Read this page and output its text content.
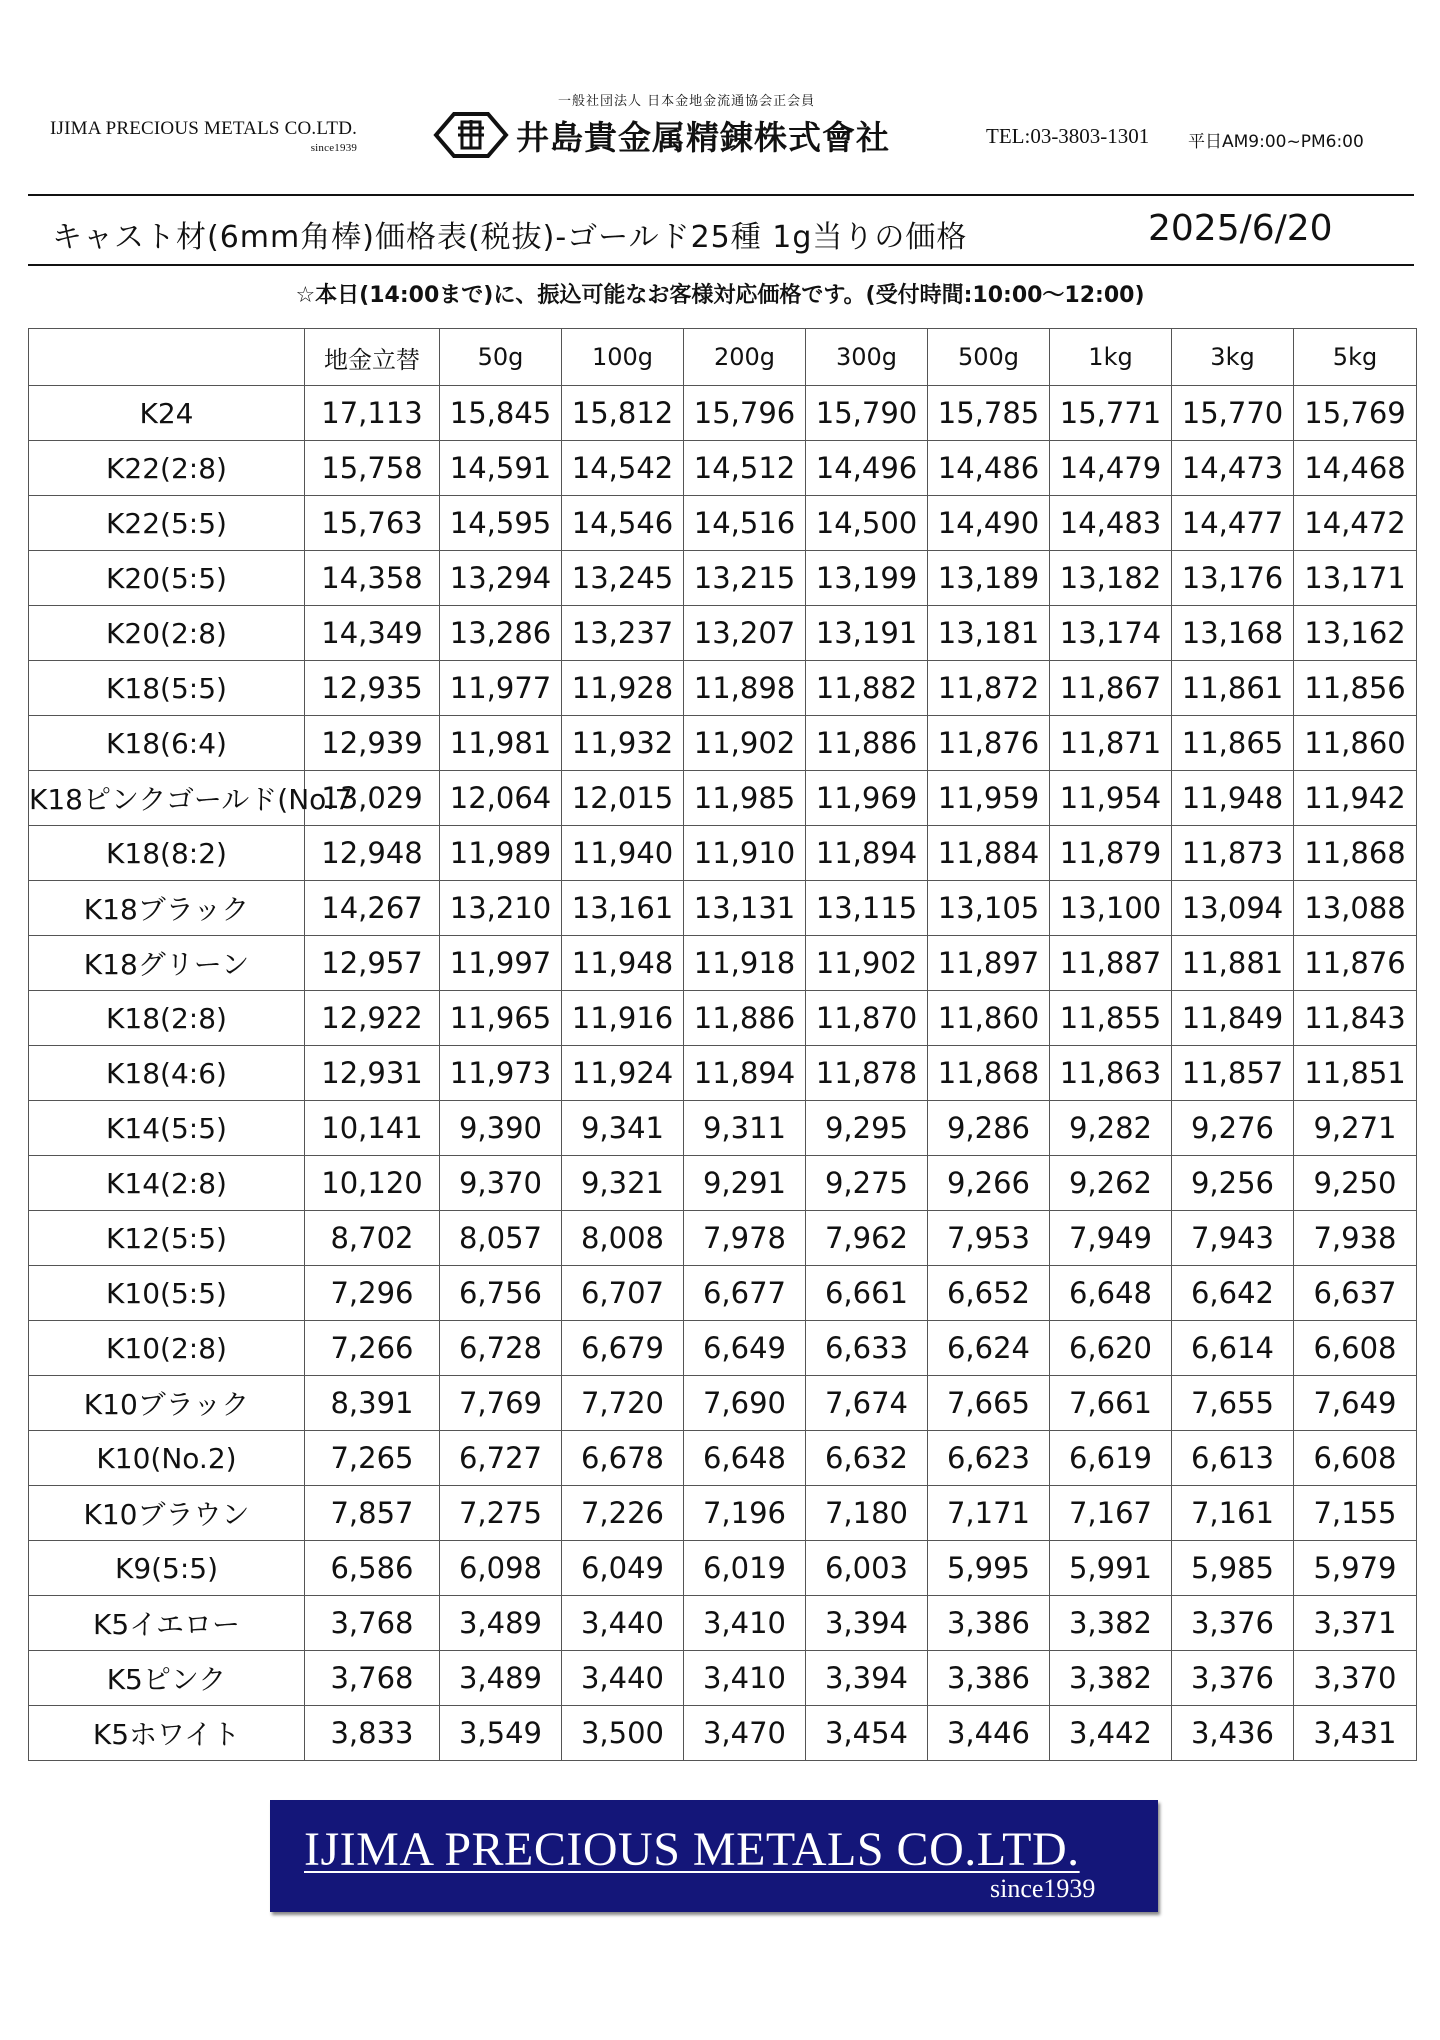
IJIMA PRECIOUS METALS CO.LTD.
since1939
一般社団法人 日本金地金流通協会正会員
井島貴金属精錬株式會社	TEL:03-3803-1301 平日AM9:00~PM6:00
キャスト材(6mm角棒)価格表(税抜)-ゴールド25種 1g当りの価格	2025/6/20
☆本日(14:00まで)に、振込可能なお客様対応価格です。(受付時間:10:00～12:00)
	地金立替	50g	100g	200g	300g	500g	1kg	3kg	5kg
K24	17,113	15,845	15,812	15,796	15,790	15,785	15,771	15,770	15,769
K22(2:8)	15,758	14,591	14,542	14,512	14,496	14,486	14,479	14,473	14,468
K22(5:5)	15,763	14,595	14,546	14,516	14,500	14,490	14,483	14,477	14,472
K20(5:5)	14,358	13,294	13,245	13,215	13,199	13,189	13,182	13,176	13,171
K20(2:8)	14,349	13,286	13,237	13,207	13,191	13,181	13,174	13,168	13,162
K18(5:5)	12,935	11,977	11,928	11,898	11,882	11,872	11,867	11,861	11,856
K18(6:4)	12,939	11,981	11,932	11,902	11,886	11,876	11,871	11,865	11,860
K18ピンクゴールド(No.7	13,029	12,064	12,015	11,985	11,969	11,959	11,954	11,948	11,942
K18(8:2)	12,948	11,989	11,940	11,910	11,894	11,884	11,879	11,873	11,868
K18ブラック	14,267	13,210	13,161	13,131	13,115	13,105	13,100	13,094	13,088
K18グリーン	12,957	11,997	11,948	11,918	11,902	11,897	11,887	11,881	11,876
K18(2:8)	12,922	11,965	11,916	11,886	11,870	11,860	11,855	11,849	11,843
K18(4:6)	12,931	11,973	11,924	11,894	11,878	11,868	11,863	11,857	11,851
K14(5:5)	10,141	9,390	9,341	9,311	9,295	9,286	9,282	9,276	9,271
K14(2:8)	10,120	9,370	9,321	9,291	9,275	9,266	9,262	9,256	9,250
K12(5:5)	8,702	8,057	8,008	7,978	7,962	7,953	7,949	7,943	7,938
K10(5:5)	7,296	6,756	6,707	6,677	6,661	6,652	6,648	6,642	6,637
K10(2:8)	7,266	6,728	6,679	6,649	6,633	6,624	6,620	6,614	6,608
K10ブラック	8,391	7,769	7,720	7,690	7,674	7,665	7,661	7,655	7,649
K10(No.2)	7,265	6,727	6,678	6,648	6,632	6,623	6,619	6,613	6,608
K10ブラウン	7,857	7,275	7,226	7,196	7,180	7,171	7,167	7,161	7,155
K9(5:5)	6,586	6,098	6,049	6,019	6,003	5,995	5,991	5,985	5,979
K5イエロー	3,768	3,489	3,440	3,410	3,394	3,386	3,382	3,376	3,371
K5ピンク	3,768	3,489	3,440	3,410	3,394	3,386	3,382	3,376	3,370
K5ホワイト	3,833	3,549	3,500	3,470	3,454	3,446	3,442	3,436	3,431
IJIMA PRECIOUS METALS CO.LTD.
since1939
